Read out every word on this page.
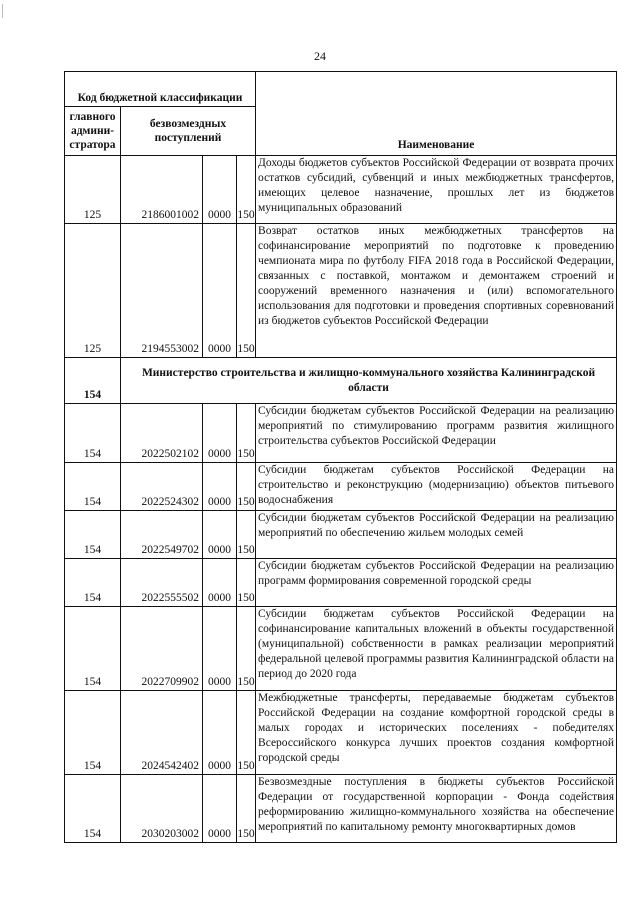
24
Код бюджетной классификации				Наименование
главного
админи-
стратора	безвозмездных
поступлений			
125	2186001002	0000	150	Доходы бюджетов субъектов Российской Федерации от возврата прочих остатков субсидий, субвенций и иных межбюджетных трансфертов, имеющих целевое назначение, прошлых лет из бюджетов муниципальных образований
125	2194553002	0000	150	Возврат остатков иных межбюджетных трансфертов на софинансирование мероприятий по подготовке к проведению чемпионата мира по футболу FIFA 2018 года в Российской Федерации, связанных с поставкой, монтажом и демонтажем строений и сооружений временного назначения и (или) вспомогательного использования для подготовки и проведения спортивных соревнований из бюджетов субъектов Российской Федерации
154	Министерство строительства и жилищно-коммунального хозяйства Калининградской области			
154	2022502102	0000	150	Субсидии бюджетам субъектов Российской Федерации на реализацию мероприятий по стимулированию программ развития жилищного строительства субъектов Российской Федерации
154	2022524302	0000	150	Субсидии бюджетам субъектов Российской Федерации на строительство и реконструкцию (модернизацию) объектов питьевого водоснабжения
154	2022549702	0000	150	Субсидии бюджетам субъектов Российской Федерации на реализацию мероприятий по обеспечению жильем молодых семей
154	2022555502	0000	150	Субсидии бюджетам субъектов Российской Федерации на реализацию программ формирования современной городской среды
154	2022709902	0000	150	Субсидии бюджетам субъектов Российской Федерации на софинансирование капитальных вложений в объекты государственной (муниципальной) собственности в рамках реализации мероприятий федеральной целевой программы развития Калининградской области на период до 2020 года
154	2024542402	0000	150	Межбюджетные трансферты, передаваемые бюджетам субъектов Российской Федерации на создание комфортной городской среды в малых городах и исторических поселениях - победителях Всероссийского конкурса лучших проектов создания комфортной городской среды
154	2030203002	0000	150	Безвозмездные поступления в бюджеты субъектов Российской Федерации от государственной корпорации - Фонда содействия реформированию жилищно-коммунального хозяйства на обеспечение мероприятий по капитальному ремонту многоквартирных домов
